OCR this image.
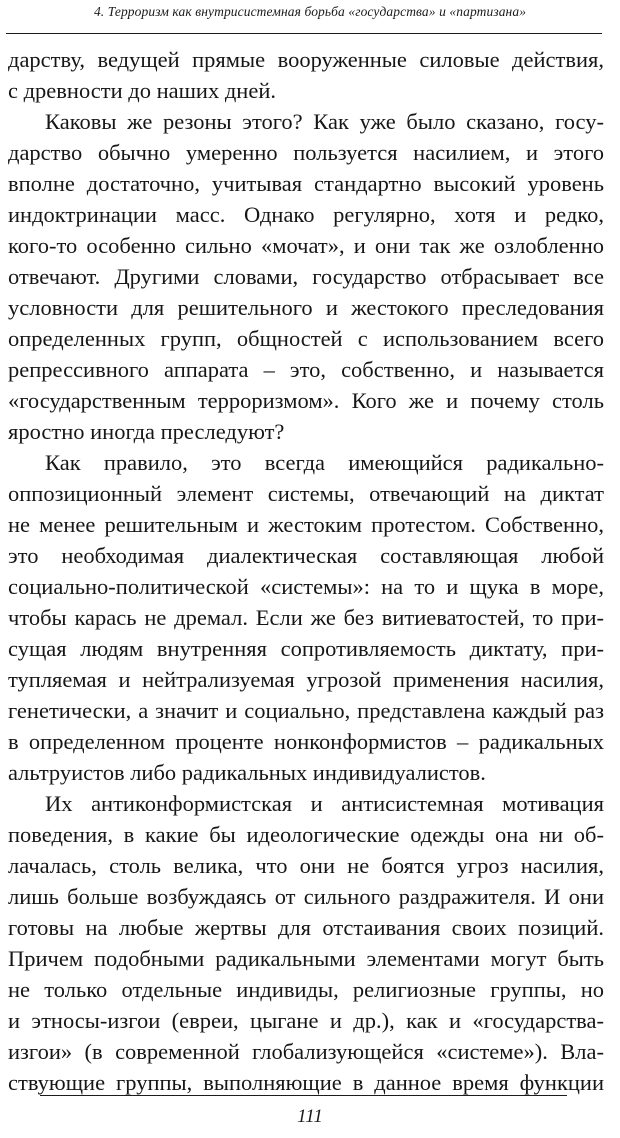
4. Терроризм как внутрисистемная борьба «государства» и «партизана»
дарству, ведущей прямые вооруженные силовые действия,
с древности до наших дней.
Каковы же резоны этого? Как уже было сказано, госу-
дарство обычно умеренно пользуется насилием, и этого
вполне достаточно, учитывая стандартно высокий уровень
индоктринации масс. Однако регулярно, хотя и редко,
кого-то особенно сильно «мочат», и они так же озлобленно
отвечают. Другими словами, государство отбрасывает все
условности для решительного и жестокого преследования
определенных групп, общностей с использованием всего
репрессивного аппарата – это, собственно, и называется
«государственным терроризмом». Кого же и почему столь
яростно иногда преследуют?
Как правило, это всегда имеющийся радикально-
оппозиционный элемент системы, отвечающий на диктат
не менее решительным и жестоким протестом. Собственно,
это необходимая диалектическая составляющая любой
социально-политической «системы»: на то и щука в море,
чтобы карась не дремал. Если же без витиеватостей, то при-
сущая людям внутренняя сопротивляемость диктату, при-
тупляемая и нейтрализуемая угрозой применения насилия,
генетически, а значит и социально, представлена каждый раз
в определенном проценте нонконформистов – радикальных
альтруистов либо радикальных индивидуалистов.
Их антиконформистская и антисистемная мотивация
поведения, в какие бы идеологические одежды она ни об-
лачалась, столь велика, что они не боятся угроз насилия,
лишь больше возбуждаясь от сильного раздражителя. И они
готовы на любые жертвы для отстаивания своих позиций.
Причем подобными радикальными элементами могут быть
не только отдельные индивиды, религиозные группы, но
и этносы-изгои (евреи, цыгане и др.), как и «государства-
изгои» (в современной глобализующейся «системе»). Вла-
ствующие группы, выполняющие в данное время функции
111
